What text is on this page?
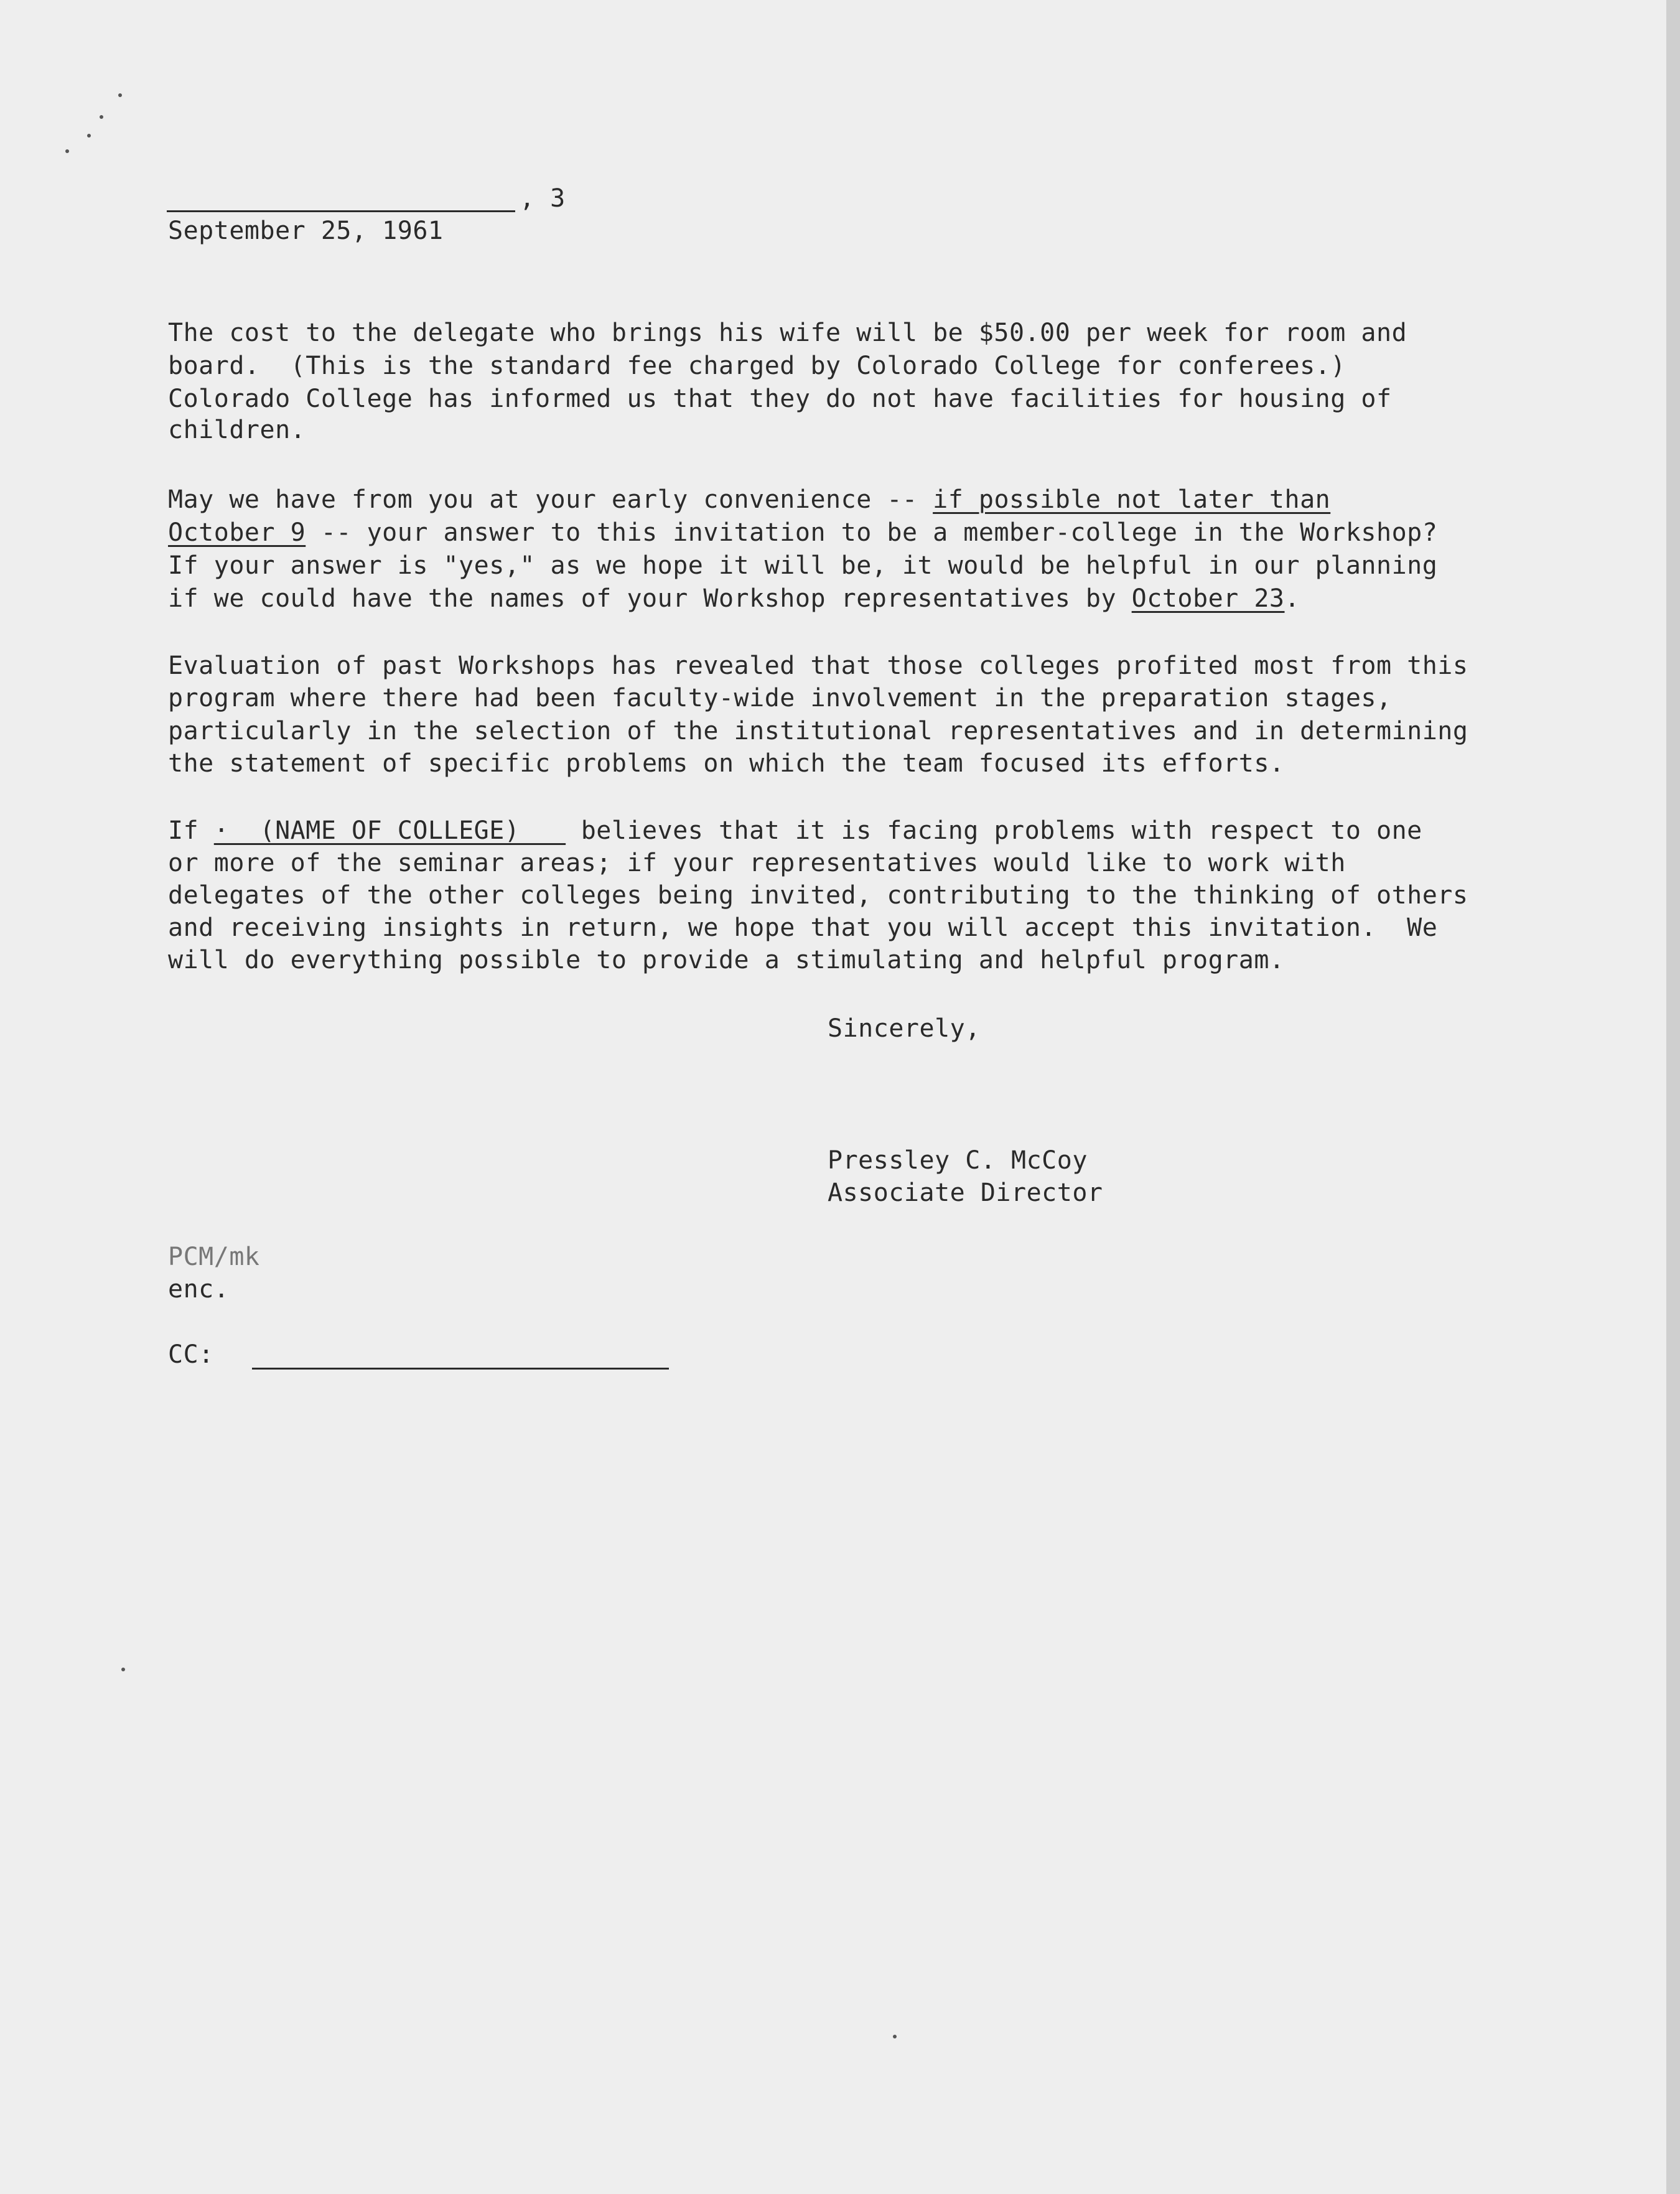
, 3
September 25, 1961
The cost to the delegate who brings his wife will be $50.00 per week for room and
board.  (This is the standard fee charged by Colorado College for conferees.)
Colorado College has informed us that they do not have facilities for housing of
children.
May we have from you at your early convenience -- if possible not later than
October 9 -- your answer to this invitation to be a member-college in the Workshop?
If your answer is "yes," as we hope it will be, it would be helpful in our planning
if we could have the names of your Workshop representatives by October 23.
Evaluation of past Workshops has revealed that those colleges profited most from this
program where there had been faculty-wide involvement in the preparation stages,
particularly in the selection of the institutional representatives and in determining
the statement of specific problems on which the team focused its efforts.
If ·  (NAME OF COLLEGE)    believes that it is facing problems with respect to one
or more of the seminar areas; if your representatives would like to work with
delegates of the other colleges being invited, contributing to the thinking of others
and receiving insights in return, we hope that you will accept this invitation.  We
will do everything possible to provide a stimulating and helpful program.
Sincerely,
Pressley C. McCoy
Associate Director
PCM/mk
enc.
CC:
